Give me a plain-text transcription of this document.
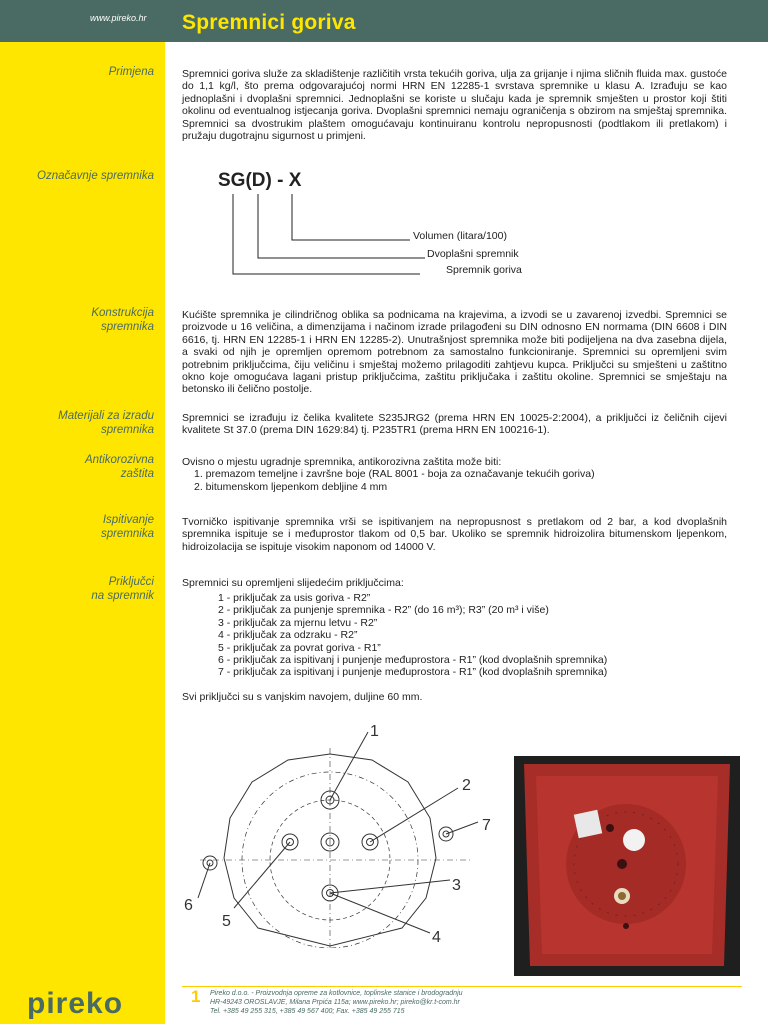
www.pireko.hr Spremnici goriva
Primjena	Spremnici goriva služe za skladištenje različitih vrsta tekućih goriva, ulja za grijanje i njima sličnih fluida max. gustoće do 1,1 kg/l, što prema odgovarajućoj normi HRN EN 12285-1 svrstava spremnike u klasu A. Izrađuju se kao jednoplašni i dvoplašni spremnici. Jednoplašni se koriste u slučaju kada je spremnik smješten u prostor koji štiti okolinu od eventualnog istjecanja goriva. Dvoplašni spremnici nemaju ograničenja s obzirom na smještaj spremnika. Spremnici sa dvostrukim plaštem omogućavaju kontinuiranu kontrolu nepropusnosti (podtlakom ili pretlakom) i pružaju dugotrajnu sigurnost u primjeni.
Označavnje spremnika	SG(D) - X
Volumen (litara/100)
Dvoplašni spremnik
Spremnik goriva
Konstrukcija
spremnika
Kućište spremnika je cilindričnog oblika sa podnicama na krajevima, a izvodi se u zavarenoj izvedbi. Spremnici se proizvode u 16 veličina, a dimenzijama i načinom izrade prilagođeni su DIN odnosno EN normama (DIN 6608 i DIN 6616, tj. HRN EN 12285-1 i HRN EN 12285-2). Unutrašnjost spremnika može biti podijeljena na dva zasebna dijela, a svaki od njih je opremljen opremom potrebnom za samostalno funkcioniranje. Spremnici su opremljeni svim potrebnim priključcima, čiju veličinu i smještaj možemo prilagoditi zahtjevu kupca. Priključci su smješteni u zaštitno okno koje omogućava lagani pristup priključcima, zaštitu priključaka i zaštitu okoline. Spremnici se smještaju na betonsko ili čelično postolje.
Materijali za izradu
spremnika
Spremnici se izrađuju iz čelika kvalitete S235JRG2 (prema HRN EN 10025-2:2004), a priključci iz čeličnih cijevi kvalitete St 37.0 (prema DIN 1629:84) tj. P235TR1 (prema HRN EN 100216-1).
Antikorozivna
zaštita
Ovisno o mjestu ugradnje spremnika, antikorozivna zaštita može biti:
1. premazom temeljne i završne boje (RAL 8001 - boja za označavanje tekućih goriva)
2. bitumenskom ljepenkom debljine 4 mm
Ispitivanje
spremnika
Tvorničko ispitivanje spremnika vrši se ispitivanjem na nepropusnost s pretlakom od 2 bar, a kod dvoplašnih spremnika ispituje se i međuprostor tlakom od 0,5 bar. Ukoliko se spremnik hidroizolira bitumenskom ljepenkom, hidroizolacija se ispituje visokim naponom od 14000 V.
Priključci
na spremnik
Spremnici su opremljeni slijedećim priključcima:
1 - priključak za usis goriva - R2”
2 - priključak za punjenje spremnika - R2” (do 16 m³); R3” (20 m³ i više)
3 - priključak za mjernu letvu - R2”
4 - priključak za odzraku - R2”
5 - priključak za povrat goriva - R1”
6 - priključak za ispitivanj i punjenje međuprostora - R1” (kod dvoplašnih spremnika)
7 - priključak za ispitivanj i punjenje međuprostora - R1” (kod dvoplašnih spremnika)
Svi priključci su s vanjskim navojem, duljine 60 mm.
1
2
3
4
5
6
7
pireko	1 Pireko d.o.o. - Proizvodnja opreme za kotlovnice, toplinske stanice i brodogradnju
HR-49243 OROSLAVJE, Milana Prpića 115a; www.pireko.hr; pireko@kr.t-com.hr
Tel. +385 49 255 315, +385 49 567 400; Fax. +385 49 255 715
